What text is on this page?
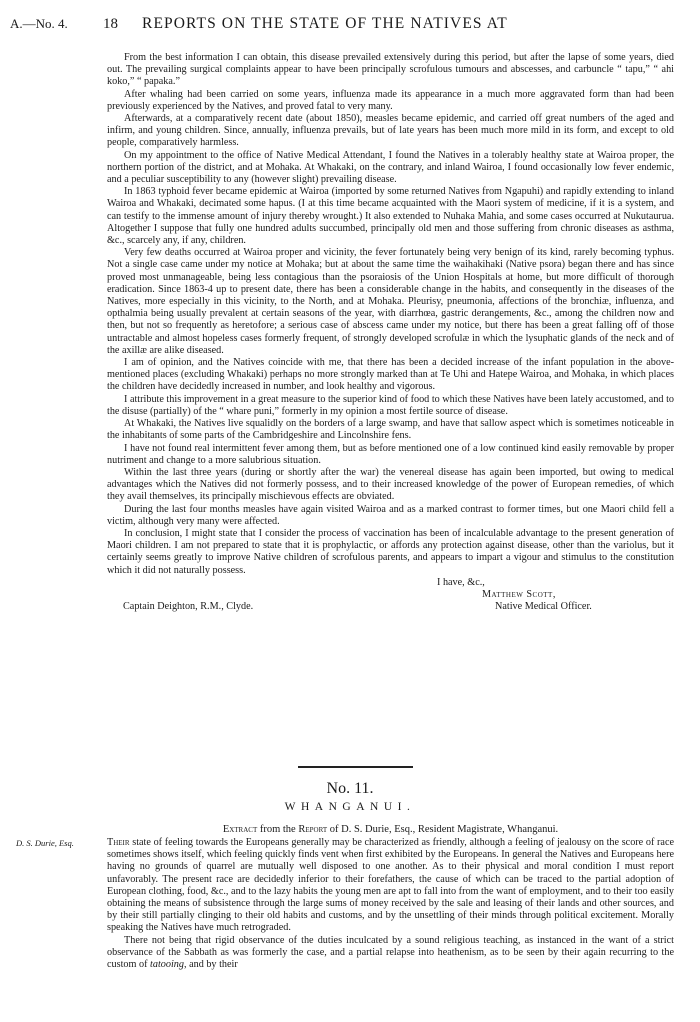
A.—No. 4. 18 REPORTS ON THE STATE OF THE NATIVES AT

From the best information I can obtain, this disease prevailed extensively during this period, but after the lapse of some years, died out. The prevailing surgical complaints appear to have been principally scrofulous tumours and abscesses, and carbuncle “ tapu,” “ ahi koko,” “ papaka.”

After whaling had been carried on some years, influenza made its appearance in a much more aggravated form than had been previously experienced by the Natives, and proved fatal to very many.

Afterwards, at a comparatively recent date (about 1850), measles became epidemic, and carried off great numbers of the aged and infirm, and young children. Since, annually, influenza prevails, but of late years has been much more mild in its form, and except to old people, comparatively harmless.

On my appointment to the office of Native Medical Attendant, I found the Natives in a tolerably healthy state at Wairoa proper, the northern portion of the district, and at Mohaka. At Whakaki, on the contrary, and inland Wairoa, I found occasionally low fever endemic, and a peculiar susceptibility to any (however slight) prevailing disease.

In 1863 typhoid fever became epidemic at Wairoa (imported by some returned Natives from Ngapuhi) and rapidly extending to inland Wairoa and Whakaki, decimated some hapus. (I at this time became acquainted with the Maori system of medicine, if it is a system, and can testify to the immense amount of injury thereby wrought.) It also extended to Nuhaka Mahia, and some cases occurred at Nukutaurua. Altogether I suppose that fully one hundred adults succumbed, principally old men and those suffering from chronic diseases as asthma, &c., scarcely any, if any, children.

Very few deaths occurred at Wairoa proper and vicinity, the fever fortunately being very benign of its kind, rarely becoming typhus. Not a single case came under my notice at Mohaka; but at about the same time the waihakihaki (Native psora) began there and has since proved most unmanageable, being less contagious than the psoraiosis of the Union Hospitals at home, but more difficult of thorough eradication. Since 1863-4 up to present date, there has been a considerable change in the habits, and consequently in the diseases of the Natives, more especially in this vicinity, to the North, and at Mohaka. Pleurisy, pneumonia, affections of the bronchiæ, influenza, and opthalmia being usually prevalent at certain seasons of the year, with diarrhœa, gastric derangements, &c., among the children now and then, but not so frequently as heretofore; a serious case of abscess came under my notice, but there has been a great falling off of those untractable and almost hopeless cases formerly frequent, of strongly developed scrofulæ in which the lysuphatic glands of the neck and of the axillæ are alike diseased.

I am of opinion, and the Natives coincide with me, that there has been a decided increase of the infant population in the above-mentioned places (excluding Whakaki) perhaps no more strongly marked than at Te Uhi and Hatepe Wairoa, and Mohaka, in which places the children have decidedly increased in number, and look healthy and vigorous.

I attribute this improvement in a great measure to the superior kind of food to which these Natives have been lately accustomed, and to the disuse (partially) of the “ whare puni,” formerly in my opinion a most fertile source of disease.

At Whakaki, the Natives live squalidly on the borders of a large swamp, and have that sallow aspect which is sometimes noticeable in the inhabitants of some parts of the Cambridgeshire and Lincolnshire fens.

I have not found real intermittent fever among them, but as before mentioned one of a low continued kind easily removable by proper nutriment and change to a more salubrious situation.

Within the last three years (during or shortly after the war) the venereal disease has again been imported, but owing to medical advantages which the Natives did not formerly possess, and to their increased knowledge of the power of European remedies, of which they avail themselves, its principally mischievous effects are obviated.

During the last four months measles have again visited Wairoa and as a marked contrast to former times, but one Maori child fell a victim, although very many were affected.

In conclusion, I might state that I consider the process of vaccination has been of incalculable advantage to the present generation of Maori children. I am not prepared to state that it is prophylactic, or affords any protection against disease, other than the variolus, but it certainly seems greatly to improve Native children of scrofulous parents, and appears to impart a vigour and stimulus to the constitution which it did not naturally possess.

I have, &c.,
Matthew Scott,
Captain Deighton, R.M., Clyde.	Native Medical Officer.
No. 11.
WHANGANUI.
Extract from the Report of D. S. Durie, Esq., Resident Magistrate, Whanganui.
D. S. Durie, Esq.	Their state of feeling towards the Europeans generally may be characterized as friendly, although a feeling of jealousy on the score of race sometimes shows itself, which feeling quickly finds vent when first exhibited by the Europeans. In general the Natives and Europeans here having no grounds of quarrel are mutually well disposed to one another. As to their physical and moral condition I must report unfavorably. The present race are decidedly inferior to their forefathers, the cause of which can be traced to the partial adoption of European clothing, food, &c., and to the lazy habits the young men are apt to fall into from the want of employment, and to their too easily obtaining the means of subsistence through the large sums of money received by the sale and leasing of their lands and other sources, and by their still partially clinging to their old habits and customs, and by the unsettling of their minds through political excitement. Morally speaking the Natives have much retrograded.

There not being that rigid observance of the duties inculcated by a sound religious teaching, as instanced in the want of a strict observance of the Sabbath as was formerly the case, and a partial relapse into heathenism, as to be seen by their again recurring to the custom of tatooing, and by their
